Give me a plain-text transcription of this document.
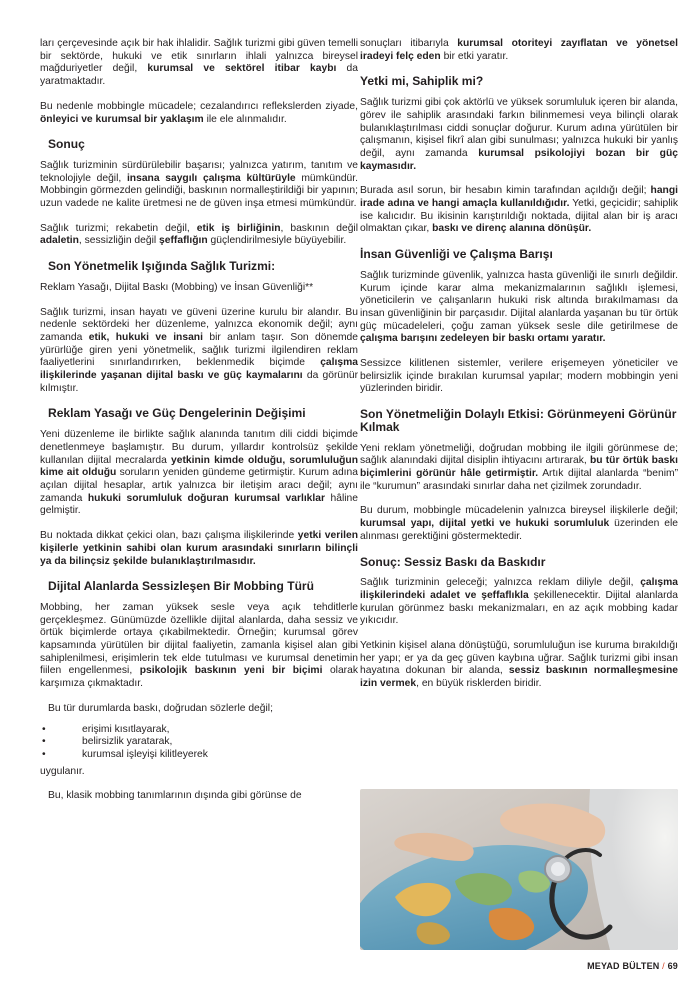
ları çerçevesinde açık bir hak ihlalidir. Sağlık turizmi gibi güven temelli bir sektörde, hukuki ve etik sınırların ihlali yalnızca bireysel mağduriyetler değil, kurumsal ve sektörel itibar kaybı da yaratmaktadır.

Bu nedenle mobbingle mücadele; cezalandırıcı reflekslerden ziyade, önleyici ve kurumsal bir yaklaşım ile ele alınmalıdır.

Sonuç

Sağlık turizminin sürdürülebilir başarısı; yalnızca yatırım, tanıtım ve teknolojiyle değil, insana saygılı çalışma kültürüyle mümkündür. Mobbingin görmezden gelindiği, baskının normalleştirildiği bir yapının; uzun vadede ne kalite üretmesi ne de güven inşa etmesi mümkündür.

Sağlık turizmi; rekabetin değil, etik iş birliğinin, baskının değil adaletin, sessizliğin değil şeffaflığın güçlendirilmesiyle büyüyebilir.

Son Yönetmelik Işığında Sağlık Turizmi:

Reklam Yasağı, Dijital Baskı (Mobbing) ve İnsan Güvenliği**

Sağlık turizmi, insan hayatı ve güveni üzerine kurulu bir alandır. Bu nedenle sektördeki her düzenleme, yalnızca ekonomik değil; aynı zamanda etik, hukuki ve insani bir anlam taşır. Son dönemde yürürlüğe giren yeni yönetmelik, sağlık turizmi ilgilendiren reklam faaliyetlerini sınırlandırırken, beklenmedik biçimde çalışma ilişkilerinde yaşanan dijital baskı ve güç kaymalarını da görünür kılmıştır.

Reklam Yasağı ve Güç Dengelerinin Değişimi

Yeni düzenleme ile birlikte sağlık alanında tanıtım dili ciddi biçimde denetlenmeye başlamıştır. Bu durum, yıllardır kontrolsüz şekilde kullanılan dijital mecralarda yetkinin kimde olduğu, sorumluluğun kime ait olduğu soruların yeniden gündeme getirmiştir. Kurum adına açılan dijital hesaplar, artık yalnızca bir iletişim aracı değil; aynı zamanda hukuki sorumluluk doğuran kurumsal varlıklar hâline gelmiştir.

Bu noktada dikkat çekici olan, bazı çalışma ilişkilerinde yetki verilen kişilerle yetkinin sahibi olan kurum arasındaki sınırların bilinçli ya da bilinçsiz şekilde bulanıklaştırılmasıdır.

Dijital Alanlarda Sessizleşen Bir Mobbing Türü

Mobbing, her zaman yüksek sesle veya açık tehditlerle gerçekleşmez. Günümüzde özellikle dijital alanlarda, daha sessiz ve örtük biçimlerde ortaya çıkabilmektedir. Örneğin; kurumsal görev kapsamında yürütülen bir dijital faaliyetin, zamanla kişisel alan gibi sahiplenilmesi, erişimlerin tek elde tutulması ve kurumsal denetimin fiilen engellenmesi, psikolojik baskının yeni bir biçimi olarak karşımıza çıkmaktadır.

Bu tür durumlarda baskı, doğrudan sözlerle değil;

• erişimi kısıtlayarak,
• belirsizlik yaratarak,
• kurumsal işleyişi kilitleyerek

uygulanır.

Bu, klasik mobbing tanımlarının dışında gibi görünse de

sonuçları itibarıyla kurumsal otoriteyi zayıflatan ve yönetsel iradeyi felç eden bir etki yaratır.

Yetki mi, Sahiplik mi?

Sağlık turizmi gibi çok aktörlü ve yüksek sorumluluk içeren bir alanda, görev ile sahiplik arasındaki farkın bilinmemesi veya bilinçli olarak bulanıklaştırılması ciddi sonuçlar doğurur. Kurum adına yürütülen bir çalışmanın, kişisel fikrî alan gibi sunulması; yalnızca hukuki bir yanlış değil, aynı zamanda kurumsal psikolojiyi bozan bir güç kaymasıdır.

Burada asıl sorun, bir hesabın kimin tarafından açıldığı değil; hangi irade adına ve hangi amaçla kullanıldığıdır. Yetki, geçicidir; sahiplik ise kalıcıdır. Bu ikisinin karıştırıldığı noktada, dijital alan bir iş aracı olmaktan çıkar, baskı ve direnç alanına dönüşür.

İnsan Güvenliği ve Çalışma Barışı

Sağlık turizminde güvenlik, yalnızca hasta güvenliği ile sınırlı değildir. Kurum içinde karar alma mekanizmalarının sağlıklı işlemesi, yöneticilerin ve çalışanların hukuki risk altında bırakılmaması da insan güvenliğinin bir parçasıdır. Dijital alanlarda yaşanan bu tür örtük güç mücadeleleri, çoğu zaman yüksek sesle dile getirilmese de çalışma barışını zedeleyen bir baskı ortamı yaratır.

Sessizce kilitlenen sistemler, verilere erişemeyen yöneticiler ve belirsizlik içinde bırakılan kurumsal yapılar; modern mobbingin yeni yüzlerinden biridir.

Son Yönetmeliğin Dolaylı Etkisi: Görünmeyeni Görünür Kılmak

Yeni reklam yönetmeliği, doğrudan mobbing ile ilgili görünmese de; sağlık alanındaki dijital disiplin ihtiyacını artırarak, bu tür örtük baskı biçimlerini görünür hâle getirmiştir. Artık dijital alanlarda “benim” ile “kurumun” arasındaki sınırlar daha net çizilmek zorundadır.

Bu durum, mobbingle mücadelenin yalnızca bireysel ilişkilerle değil; kurumsal yapı, dijital yetki ve hukuki sorumluluk üzerinden ele alınması gerektiğini göstermektedir.

Sonuç: Sessiz Baskı da Baskıdır

Sağlık turizminin geleceği; yalnızca reklam diliyle değil, çalışma ilişkilerindeki adalet ve şeffaflıkla şekillenecektir. Dijital alanlarda kurulan görünmez baskı mekanizmaları, en az açık mobbing kadar yıkıcıdır.

Yetkinin kişisel alana dönüştüğü, sorumluluğun ise kuruma bırakıldığı her yapı; er ya da geç güven kaybına uğrar. Sağlık turizmi gibi insan hayatına dokunan bir alanda, sessiz baskının normalleşmesine izin vermek, en büyük risklerden biridir.

MEYAD BÜLTEN / 69
